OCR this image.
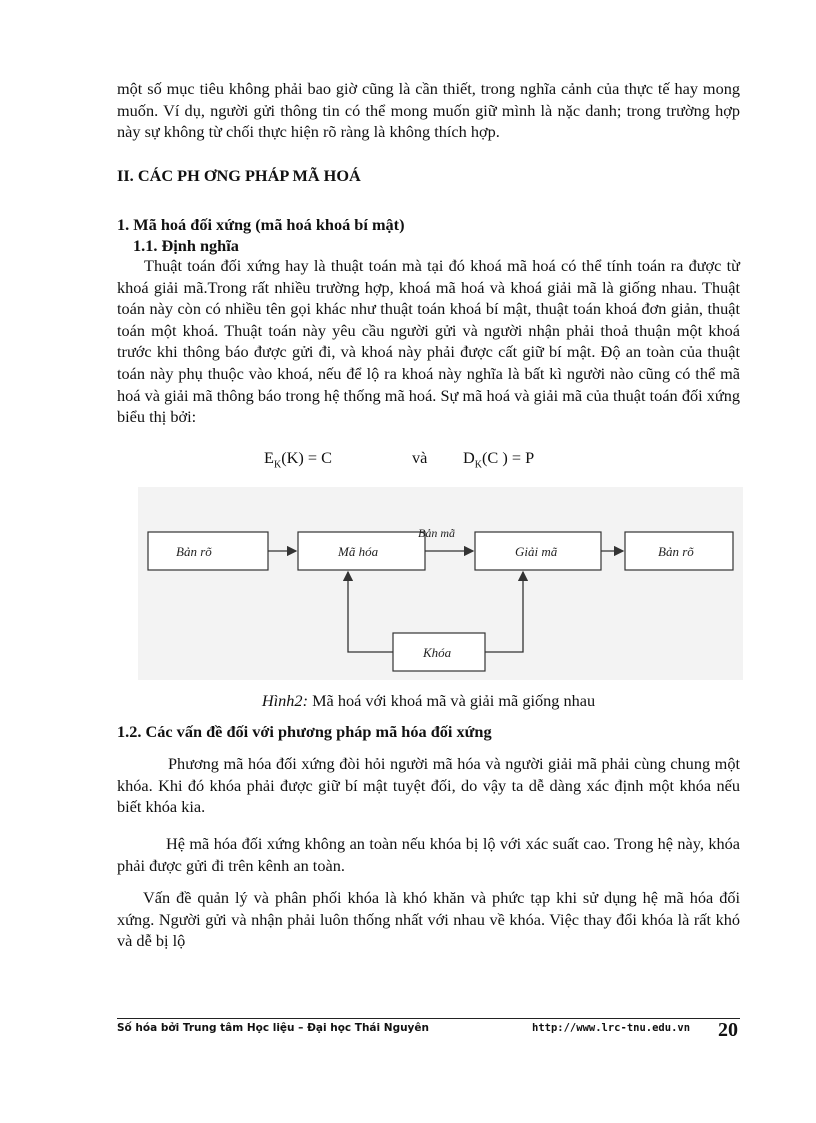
một số mục tiêu không phải bao giờ cũng là cần thiết, trong nghĩa cảnh của thực tế hay mong muốn. Ví dụ, người gửi thông tin có thể mong muốn giữ mình là nặc danh; trong trường hợp này sự không từ chối thực hiện rõ ràng là không thích hợp.

II. CÁC PH ƠNG PHÁP MÃ HOÁ
1. Mã hoá đối xứng (mã hoá khoá bí mật)
1.1. Định nghĩa

Thuật toán đối xứng hay là thuật toán mà tại đó khoá mã hoá có thể tính toán ra được từ khoá giải mã.Trong rất nhiều trường hợp, khoá mã hoá và khoá giải mã là giống nhau. Thuật toán này còn có nhiều tên gọi khác như thuật toán khoá bí mật, thuật toán khoá đơn giản, thuật toán một khoá. Thuật toán này yêu cầu người gửi và người nhận phải thoả thuận một khoá trước khi thông báo được gửi đi, và khoá này phải được cất giữ bí mật. Độ an toàn của thuật toán này phụ thuộc vào khoá, nếu để lộ ra khoá này nghĩa là bất kì người nào cũng có thể mã hoá và giải mã thông báo trong hệ thống mã hoá. Sự mã hoá và giải mã của thuật toán đối xứng biểu thị bởi:

$E_K(K) = C$	và $D_K(C$ ) = P
Bản rõ	Mã hóa
Bản mã
Giải mã	Bản rõ
Khóa
Hình2: Mã hoá với khoá mã và giải mã giống nhau
1.2. Các vấn đề đối với phương pháp mã hóa đối xứng

Phương mã hóa đối xứng đòi hỏi người mã hóa và người giải mã phải cùng chung một khóa. Khi đó khóa phải được giữ bí mật tuyệt đối, do vậy ta dễ dàng xác định một khóa nếu biết khóa kia.

Hệ mã hóa đối xứng không an toàn nếu khóa bị lộ với xác suất cao. Trong hệ này, khóa phải được gửi đi trên kênh an toàn.

Vấn đề quản lý và phân phối khóa là khó khăn và phức tạp khi sử dụng hệ mã hóa đối xứng. Người gửi và nhận phải luôn thống nhất với nhau về khóa. Việc thay đổi khóa là rất khó và dễ bị lộ

Số hóa bởi Trung tâm Học liệu – Đại học Thái Nguyên	http://www.lrc-tnu.edu.vn 20
